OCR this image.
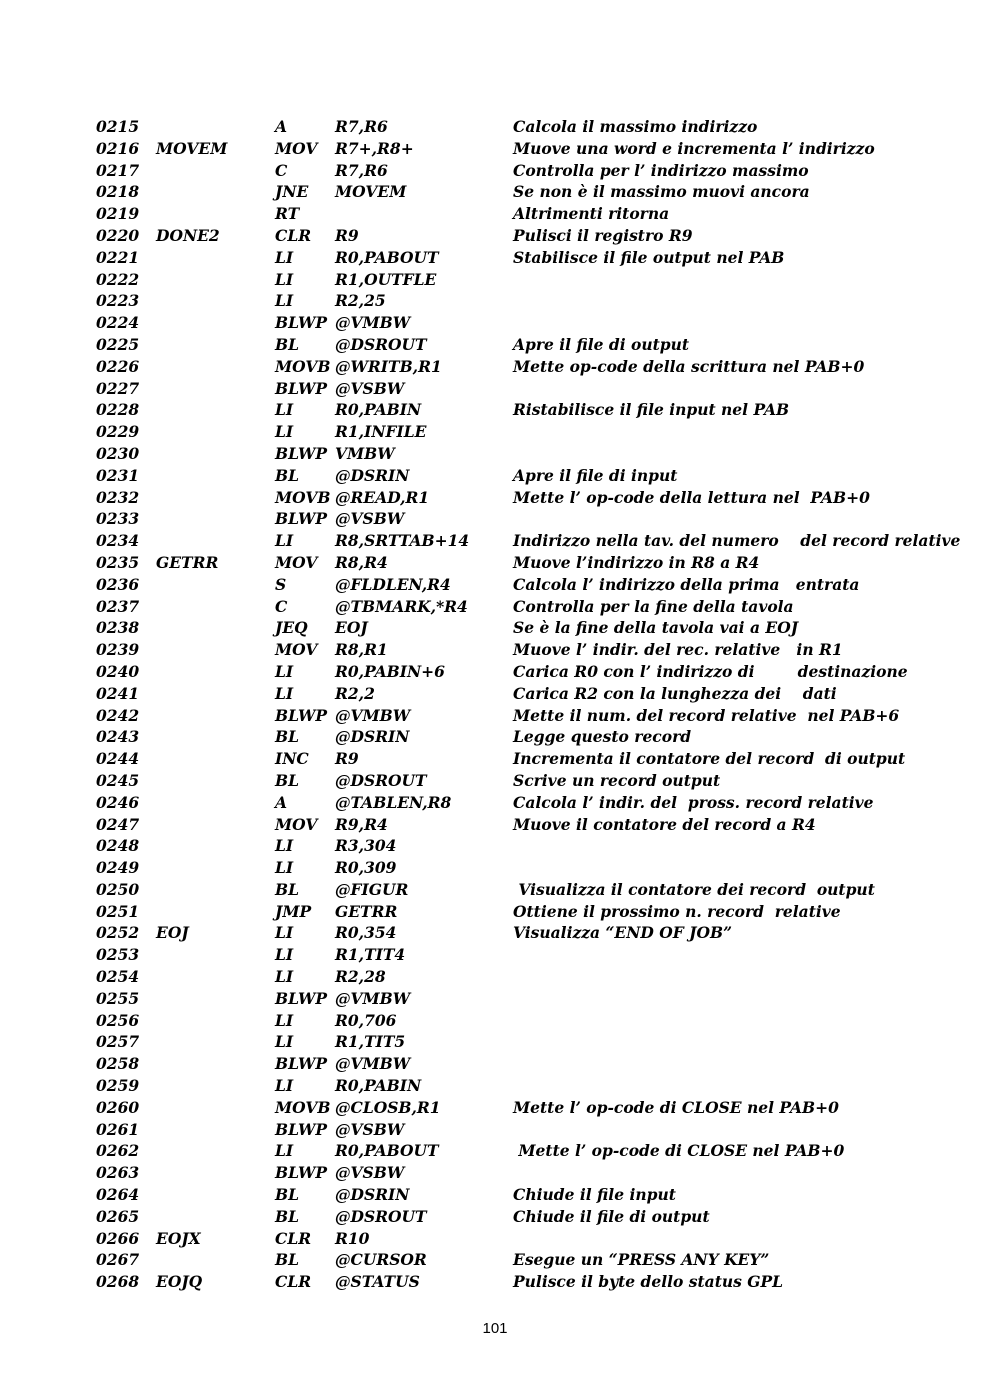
0215	A	R7,R6	Calcola il massimo indirizzo
0216 MOVEM	MOV R7+,R8+	Muove una word e incrementa l’ indirizzo
0217	C	R7,R6	Controlla per l’ indirizzo massimo
0218	JNE MOVEM	Se non è il massimo muovi ancora
0219	RT	Altrimenti ritorna
0220 DONE2	CLR R9	Pulisci il registro R9
0221	LI	R0,PABOUT	Stabilisce il file output nel PAB
0222	LI	R1,OUTFLE
0223	LI	R2,25
0224	BLWP @VMBW
0225	BL @DSROUT	Apre il file di output
0226	MOVB @WRITB,R1	Mette op-code della scrittura nel PAB+0
0227	BLWP @VSBW
0228	LI	R0,PABIN	Ristabilisce il file input nel PAB
0229	LI	R1,INFILE
0230	BLWP VMBW
0231	BL @DSRIN	Apre il file di input
0232	MOVB @READ,R1	Mette l’ op-code della lettura nel  PAB+0
0233	BLWP @VSBW
0234	LI	R8,SRTTAB+14	Indirizzo nella tav. del numero    del record relative
0235 GETRR	MOV R8,R4	Muove l’indirizzo in R8 a R4
0236	S	@FLDLEN,R4	Calcola l’ indirizzo della prima   entrata
0237	C	@TBMARK,*R4	Controlla per la fine della tavola
0238	JEQ EOJ	Se è la fine della tavola vai a EOJ
0239	MOV R8,R1	Muove l’ indir. del rec. relative   in R1
0240	LI	R0,PABIN+6	Carica R0 con l’ indirizzo di        destinazione
0241	LI	R2,2	Carica R2 con la lunghezza dei    dati
0242	BLWP @VMBW	Mette il num. del record relative  nel PAB+6
0243	BL @DSRIN	Legge questo record
0244	INC R9	Incrementa il contatore del record  di output
0245	BL @DSROUT	Scrive un record output
0246	A	@TABLEN,R8	Calcola l’ indir. del  pross. record relative
0247	MOV R9,R4	Muove il contatore del record a R4
0248	LI	R3,304
0249	LI	R0,309
0250	BL @FIGUR	Visualizza il contatore dei record  output
0251	JMP GETRR	Ottiene il prossimo n. record  relative
0252 EOJ	LI	R0,354	Visualizza “END OF JOB”
0253	LI	R1,TIT4
0254	LI	R2,28
0255	BLWP @VMBW
0256	LI	R0,706
0257	LI	R1,TIT5
0258	BLWP @VMBW
0259	LI	R0,PABIN
0260	MOVB @CLOSB,R1	Mette l’ op-code di CLOSE nel PAB+0
0261	BLWP @VSBW
0262	LI	R0,PABOUT	Mette l’ op-code di CLOSE nel PAB+0
0263	BLWP @VSBW
0264	BL @DSRIN	Chiude il file input
0265	BL @DSROUT	Chiude il file di output
0266 EOJX	CLR R10
0267	BL @CURSOR	Esegue un “PRESS ANY KEY”
0268 EOJQ	CLR @STATUS	Pulisce il byte dello status GPL
101
